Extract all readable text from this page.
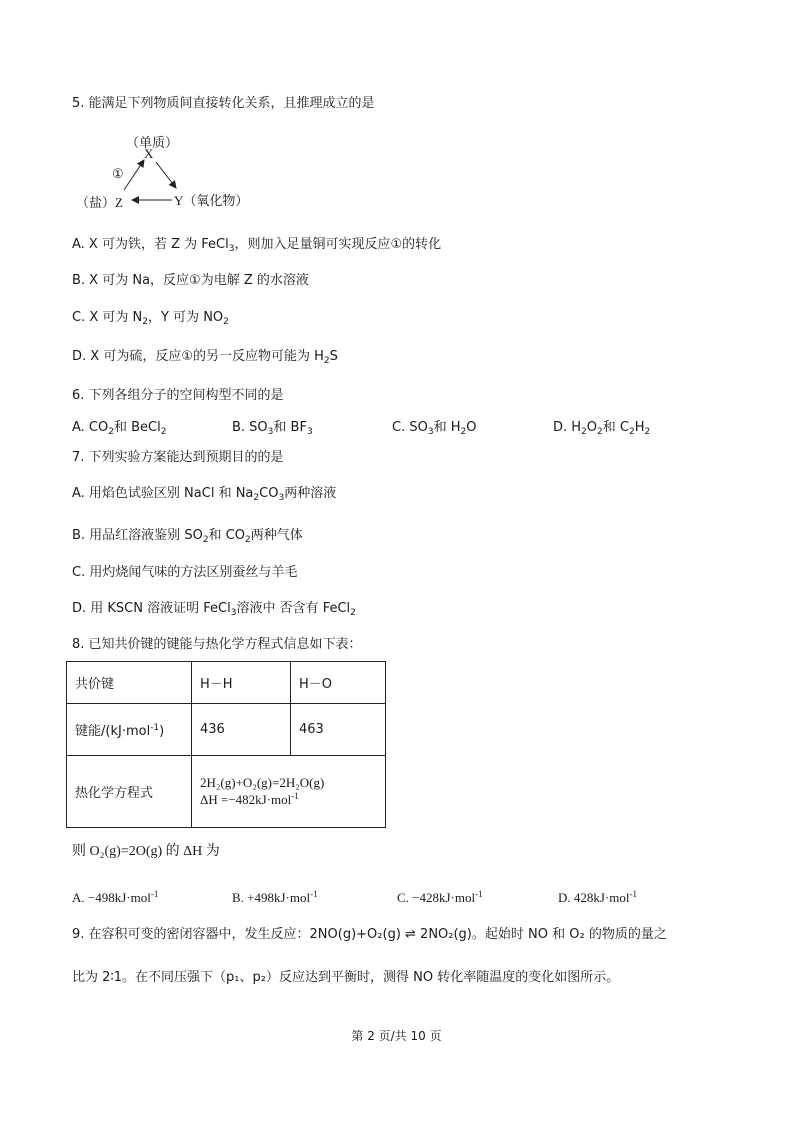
5. 能满足下列物质间直接转化关系，且推理成立的是
（单质）
X
①
Y（氧化物）
（盐）Z
A. X 可为铁，若 Z 为 FeCl$_3$，则加入足量铜可实现反应①的转化
B. X 可为 Na，反应①为电解 Z 的水溶液
C. X 可为 $N_2$，Y 可为 $NO_2$
D. X 可为硫，反应①的另一反应物可能为 $H_2S$
6. 下列各组分子的空间构型不同的是
A. $CO_2$和 BeCl$_2$	B. $SO_3$和 $BF_3$	C. $SO_3$和 $H_2O$	D. $H_2O_2$和 $C_2H_2$
7. 下列实验方案能达到预期目的的是
A. 用焰色试验区别 NaCl 和 $Na_2CO_3$两种溶液
B. 用品红溶液鉴别 $SO_2$和 $CO_2$两种气体
C. 用灼烧闻气味的方法区别蚕丝与羊毛
D. 用 KSCN 溶液证明 FeCl$_3$溶液中 否含有 FeCl$_2$
8. 已知共价键的键能与热化学方程式信息如下表：
共价键	H－H	H－O
键能/(kJ·mol$^{-1}$)	436	463
热化学方程式	2H₂(g)+O₂(g)=2H₂O(g)
ΔH =−482kJ·mol$^{-1}$
则 O₂(g)=2O(g) 的 ΔH 为
A. −498kJ·mol$^{-1}$	B. +498kJ·mol$^{-1}$	C. −428kJ·mol$^{-1}$	D. 428kJ·mol$^{-1}$
9. 在容积可变的密闭容器中，发生反应：2NO(g)+O₂(g) ⇌ 2NO₂(g)。起始时 NO 和 O₂ 的物质的量之
比为 2∶1。在不同压强下（p₁、p₂）反应达到平衡时，测得 NO 转化率随温度的变化如图所示。
第 2 页/共 10 页
